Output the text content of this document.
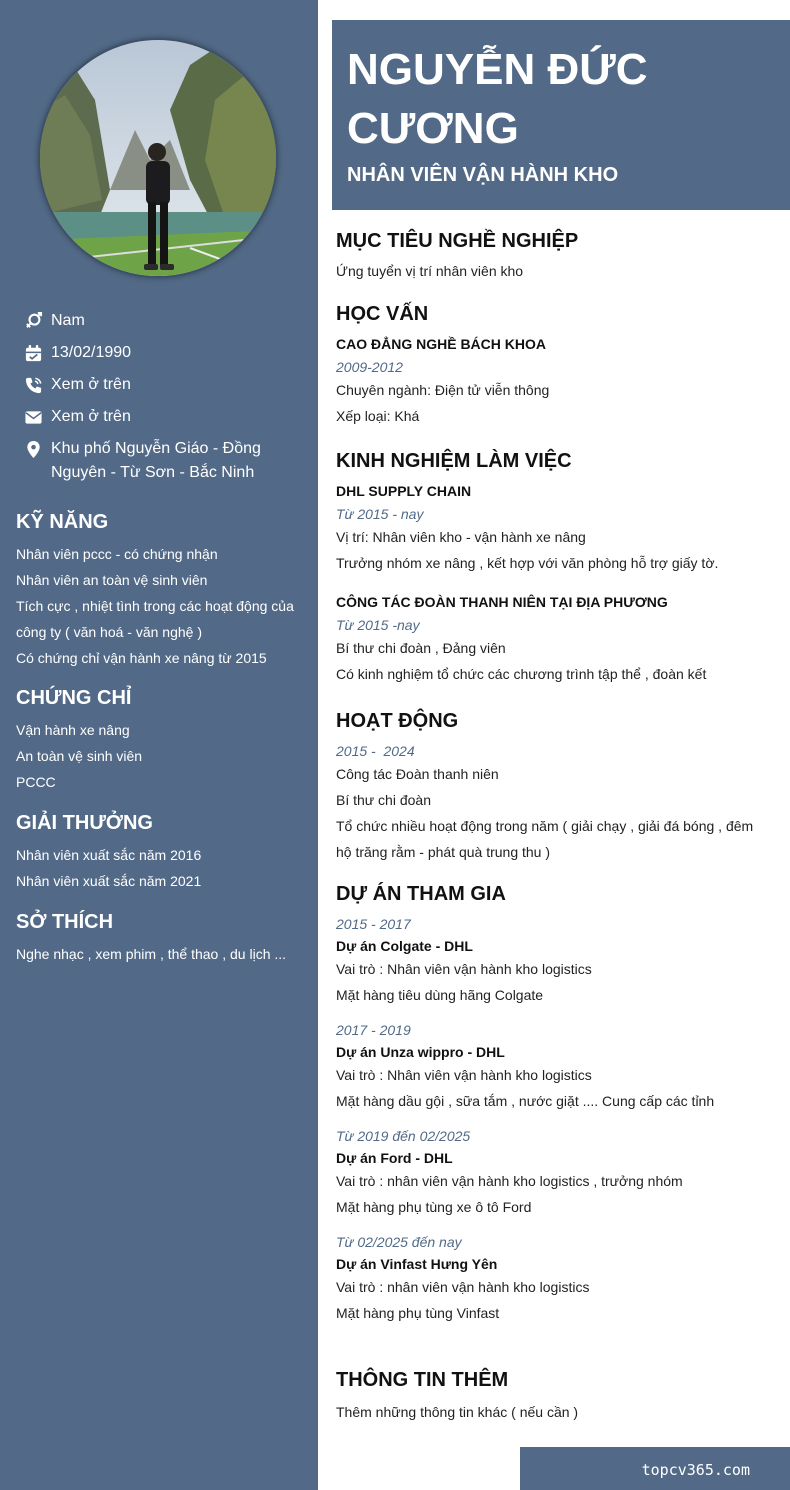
Nam
13/02/1990
Xem ở trên
Xem ở trên
Khu phố Nguyễn Giáo - Đồng Nguyên - Từ Sơn - Bắc Ninh
KỸ NĂNG
Nhân viên pccc - có chứng nhận
Nhân viên an toàn vệ sinh viên
Tích cực , nhiệt tình trong các hoạt động của công ty ( văn hoá - văn nghệ )
Có chứng chỉ vận hành xe nâng từ 2015
CHỨNG CHỈ
Vận hành xe nâng
An toàn vệ sinh viên
PCCC
GIẢI THƯỞNG
Nhân viên xuất sắc năm 2016
Nhân viên xuất sắc năm 2021
SỞ THÍCH
Nghe nhạc , xem phim , thể thao , du lịch ...
NGUYỄN ĐỨC CƯƠNG
NHÂN VIÊN VẬN HÀNH KHO
MỤC TIÊU NGHỀ NGHIỆP
Ứng tuyển vị trí nhân viên kho
HỌC VẤN
CAO ĐẲNG NGHỀ BÁCH KHOA
2009-2012
Chuyên ngành: Điện tử viễn thông
Xếp loại: Khá
KINH NGHIỆM LÀM VIỆC
DHL SUPPLY CHAIN
Từ 2015 - nay
Vị trí: Nhân viên kho - vận hành xe nâng
Trưởng nhóm xe nâng , kết hợp với văn phòng hỗ trợ giấy tờ.
CÔNG TÁC ĐOÀN THANH NIÊN TẠI ĐỊA PHƯƠNG
Từ 2015 -nay
Bí thư chi đoàn , Đảng viên
Có kinh nghiệm tổ chức các chương trình tập thể , đoàn kết
HOẠT ĐỘNG
2015 -  2024
Công tác Đoàn thanh niên
Bí thư chi đoàn
Tổ chức nhiều hoạt động trong năm ( giải chạy , giải đá bóng , đêm hộ trăng rằm - phát quà trung thu )
DỰ ÁN THAM GIA
2015 - 2017
Dự án Colgate - DHL
Vai trò : Nhân viên vận hành kho logistics
Mặt hàng tiêu dùng hãng Colgate
2017 - 2019
Dự án Unza wippro - DHL
Vai trò : Nhân viên vận hành kho logistics
Mặt hàng dầu gội , sữa tắm , nước giặt .... Cung cấp các tỉnh
Từ 2019 đến 02/2025
Dự án Ford - DHL
Vai trò : nhân viên vận hành kho logistics , trưởng nhóm
Mặt hàng phụ tùng xe ô tô Ford
Từ 02/2025 đến nay
Dự án Vinfast Hưng Yên
Vai trò : nhân viên vận hành kho logistics
Mặt hàng phụ tùng Vinfast
THÔNG TIN THÊM
Thêm những thông tin khác ( nếu cần )
topcv365.com
